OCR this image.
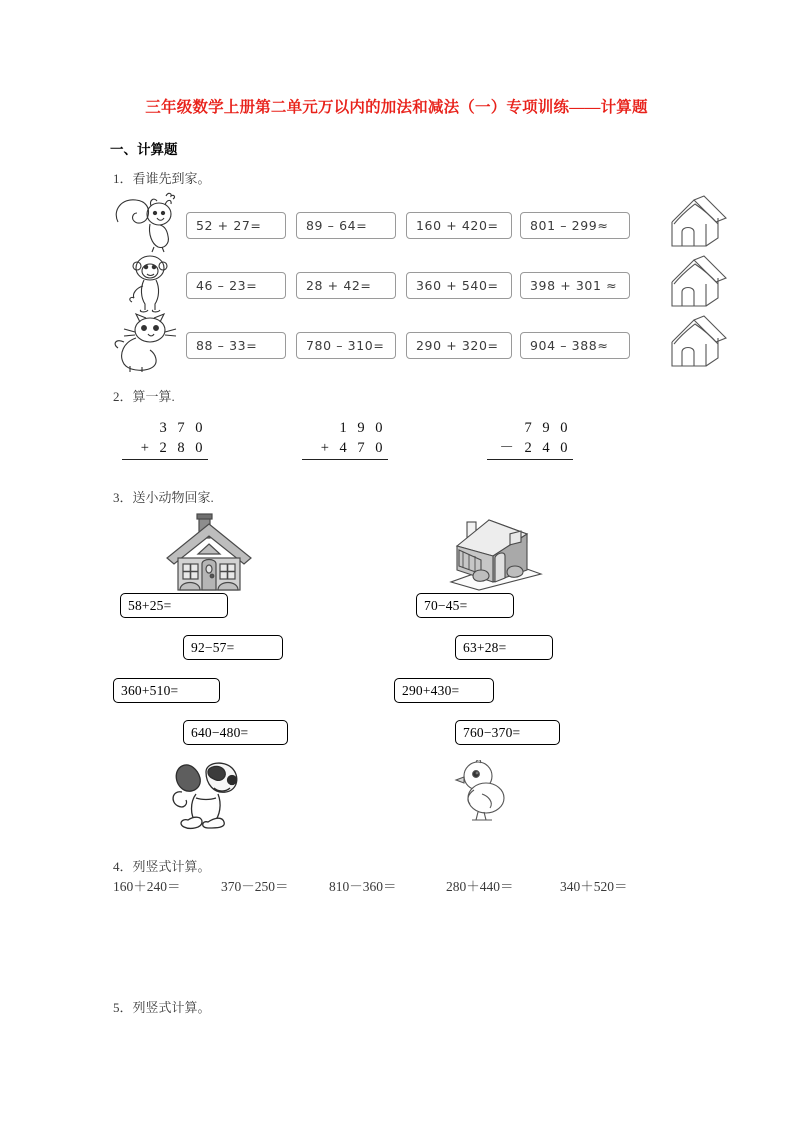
三年级数学上册第二单元万以内的加法和减法（一）专项训练——计算题
一、计算题
1．看谁先到家。
52 + 27=	89 – 64=	160 + 420=	801 – 299≈
46 – 23=	28 + 42=	360 + 540=	398 + 301 ≈
88 – 33=	780 – 310=	290 + 320=	904 – 388≈
2．算一算.
3 7 0
+ 2 8 0
1 9 0
+ 4 7 0
7 9 0
－ 2 4 0
3．送小动物回家.
58+25=
92−57=
360+510=
640−480=
70−45=
63+28=
290+430=
760−370=
4．列竖式计算。
160＋240＝	370－250＝	810－360＝	280＋440＝	340＋520＝
5．列竖式计算。
